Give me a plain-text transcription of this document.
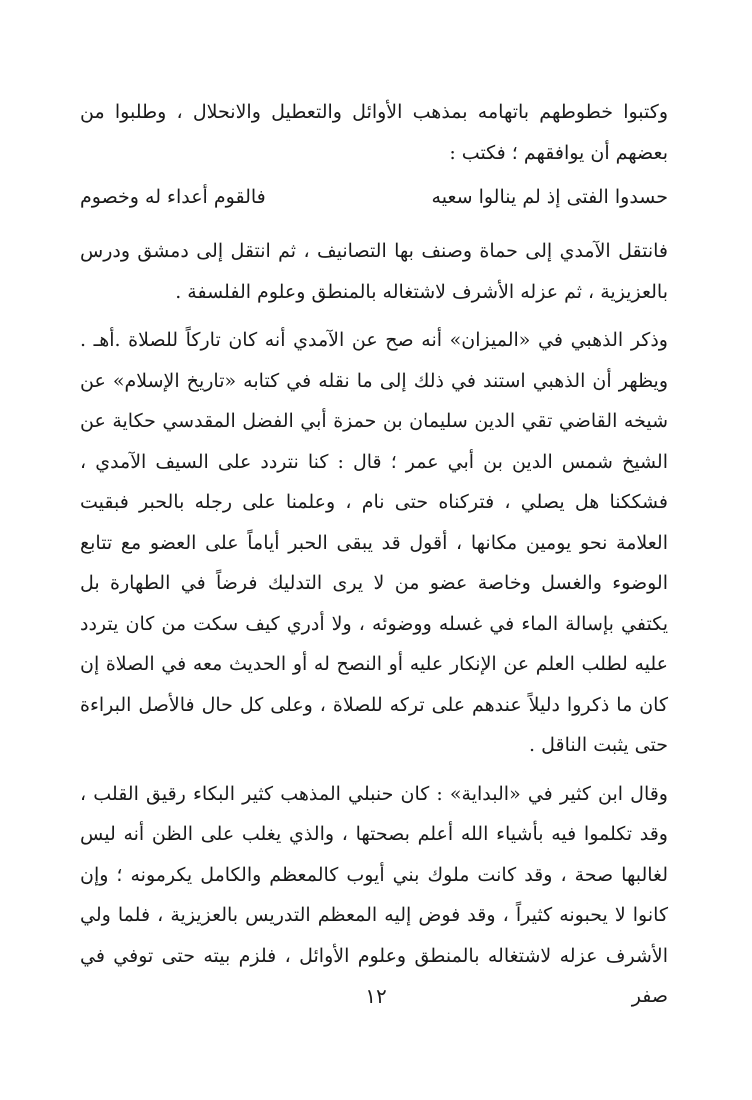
وكتبوا خطوطهم باتهامه بمذهب الأوائل والتعطيل والانحلال ، وطلبوا من بعضهم أن يوافقهم ؛ فكتب :

حسدوا الفتى إذ لم ينالوا سعيه
فالقوم أعداء له وخصوم

فانتقل الآمدي إلى حماة وصنف بها التصانيف ، ثم انتقل إلى دمشق ودرس بالعزيزية ، ثم عزله الأشرف لاشتغاله بالمنطق وعلوم الفلسفة .

وذكر الذهبي في «الميزان» أنه صح عن الآمدي أنه كان تاركاً للصلاة .أهـ . ويظهر أن الذهبي استند في ذلك إلى ما نقله في كتابه «تاريخ الإسلام» عن شيخه القاضي تقي الدين سليمان بن حمزة أبي الفضل المقدسي حكاية عن الشيخ شمس الدين بن أبي عمر ؛ قال : كنا نتردد على السيف الآمدي ، فشككنا هل يصلي ، فتركناه حتى نام ، وعلمنا على رجله بالحبر فبقيت العلامة نحو يومين مكانها ، أقول قد يبقى الحبر أياماً على العضو مع تتابع الوضوء والغسل وخاصة عضو من لا يرى التدليك فرضاً في الطهارة بل يكتفي بإسالة الماء في غسله ووضوئه ، ولا أدري كيف سكت من كان يتردد عليه لطلب العلم عن الإنكار عليه أو النصح له أو الحديث معه في الصلاة إن كان ما ذكروا دليلاً عندهم على تركه للصلاة ، وعلى كل حال فالأصل البراءة حتى يثبت الناقل .

وقال ابن كثير في «البداية» : كان حنبلي المذهب كثير البكاء رقيق القلب ، وقد تكلموا فيه بأشياء الله أعلم بصحتها ، والذي يغلب على الظن أنه ليس لغالبها صحة ، وقد كانت ملوك بني أيوب كالمعظم والكامل يكرمونه ؛ وإن كانوا لا يحبونه كثيراً ، وقد فوض إليه المعظم التدريس بالعزيزية ، فلما ولي الأشرف عزله لاشتغاله بالمنطق وعلوم الأوائل ، فلزم بيته حتى توفي في صفر

١٢
